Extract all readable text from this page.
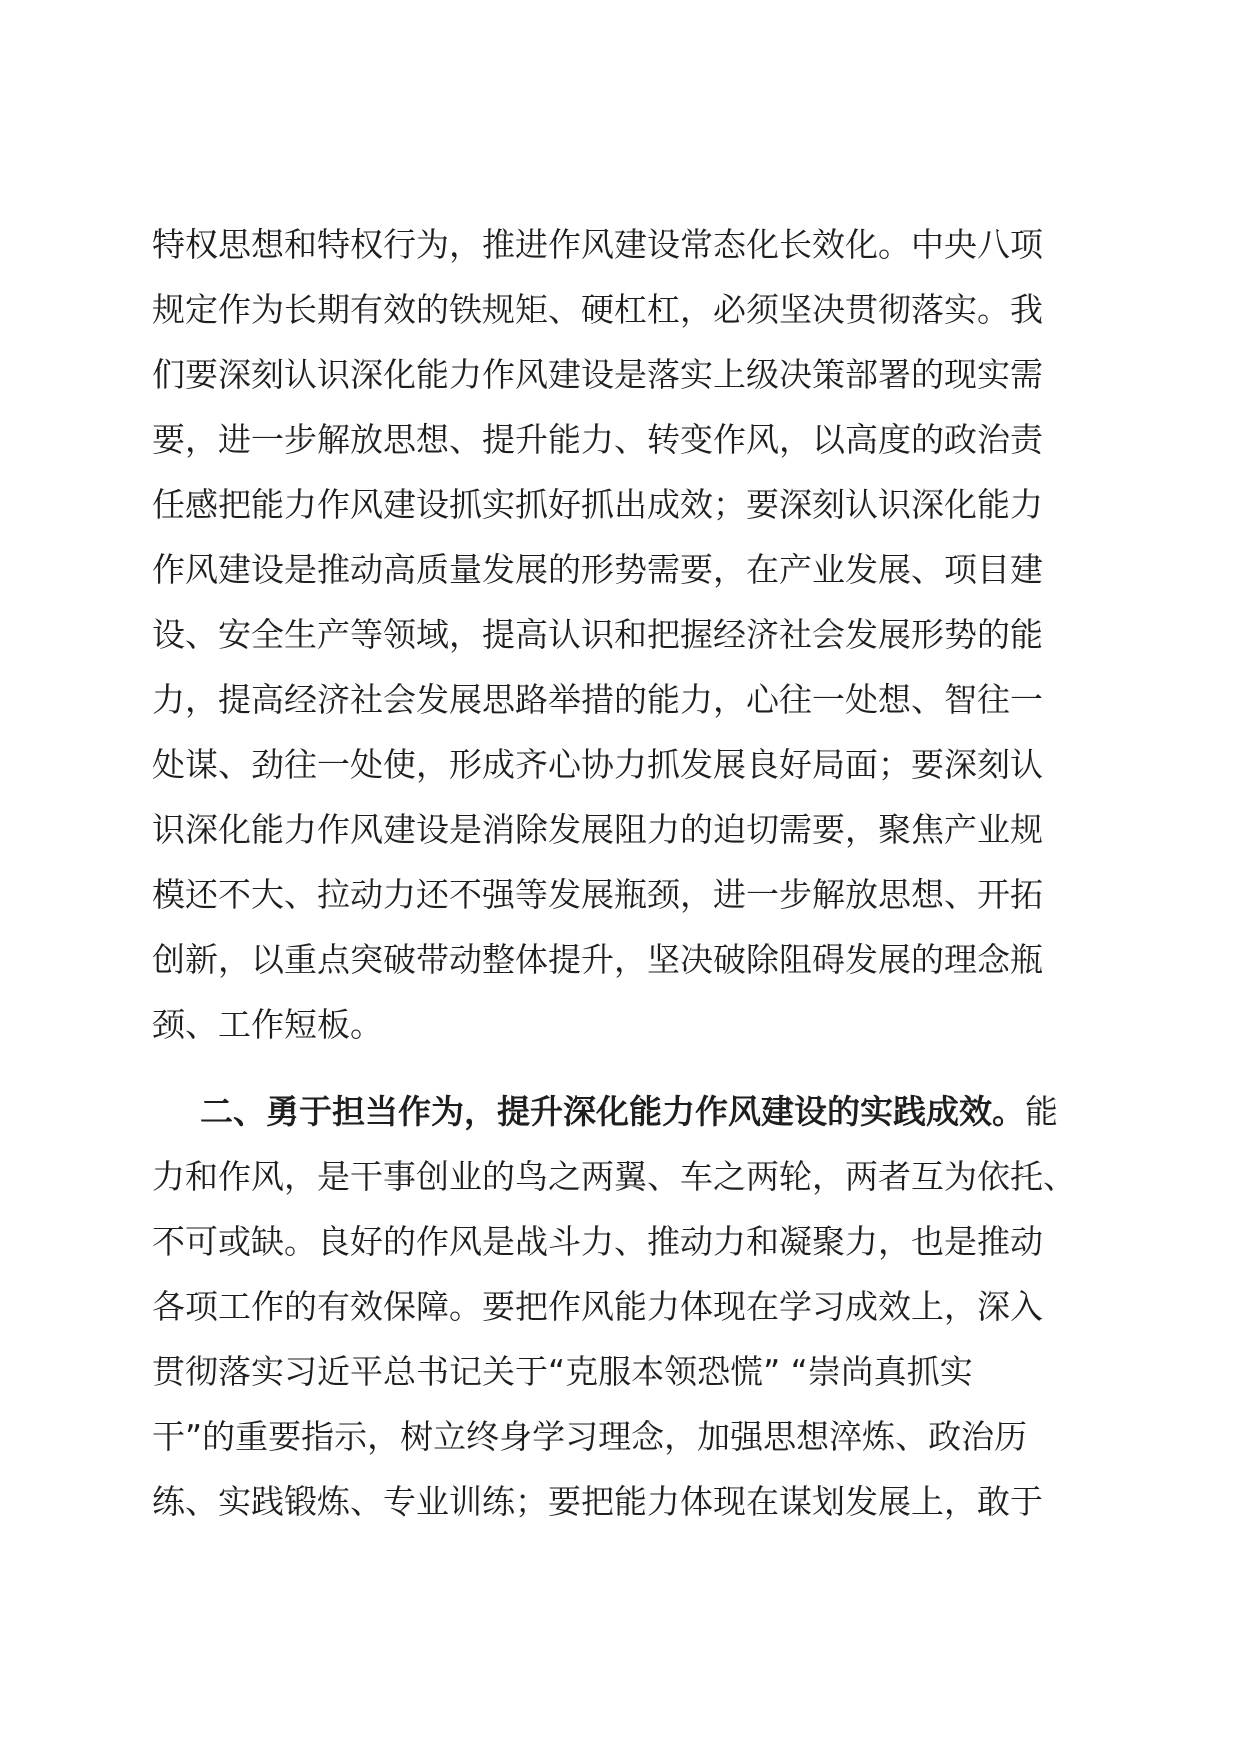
特权思想和特权行为，推进作风建设常态化长效化。中央八项
规定作为长期有效的铁规矩、硬杠杠，必须坚决贯彻落实。我
们要深刻认识深化能力作风建设是落实上级决策部署的现实需
要，进一步解放思想、提升能力、转变作风，以高度的政治责
任感把能力作风建设抓实抓好抓出成效；要深刻认识深化能力
作风建设是推动高质量发展的形势需要，在产业发展、项目建
设、安全生产等领域，提高认识和把握经济社会发展形势的能
力，提高经济社会发展思路举措的能力，心往一处想、智往一
处谋、劲往一处使，形成齐心协力抓发展良好局面；要深刻认
识深化能力作风建设是消除发展阻力的迫切需要，聚焦产业规
模还不大、拉动力还不强等发展瓶颈，进一步解放思想、开拓
创新，以重点突破带动整体提升，坚决破除阻碍发展的理念瓶
颈、工作短板。
二、勇于担当作为，提升深化能力作风建设的实践成效。能
力和作风，是干事创业的鸟之两翼、车之两轮，两者互为依托、
不可或缺。良好的作风是战斗力、推动力和凝聚力，也是推动
各项工作的有效保障。要把作风能力体现在学习成效上，深入
贯彻落实习近平总书记关于“克服本领恐慌” “崇尚真抓实
干”的重要指示，树立终身学习理念，加强思想淬炼、政治历
练、实践锻炼、专业训练；要把能力体现在谋划发展上，敢于
